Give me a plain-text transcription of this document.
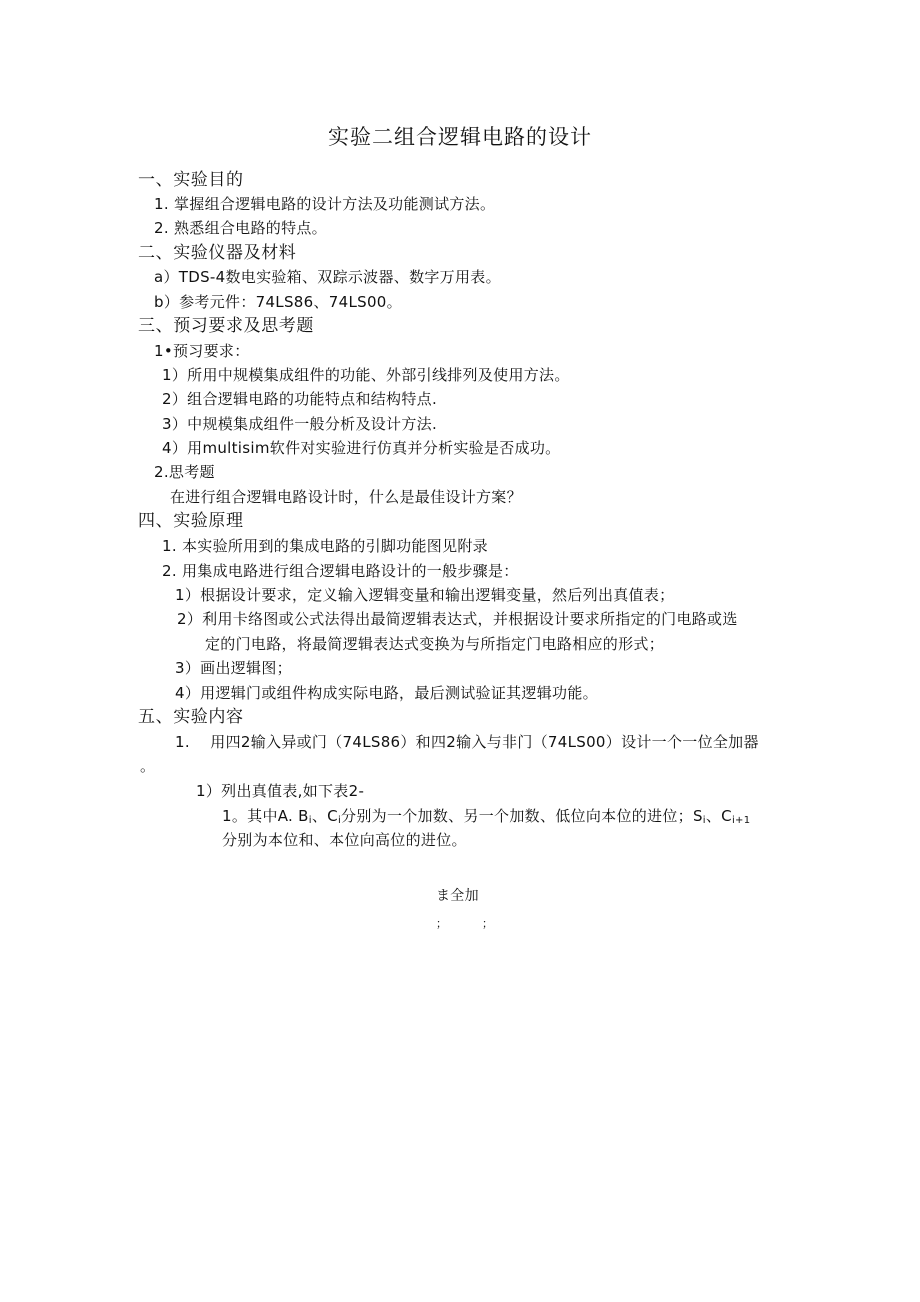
实验二组合逻辑电路的设计
一、实验目的
1. 掌握组合逻辑电路的设计方法及功能测试方法。
2. 熟悉组合电路的特点。
二、实验仪器及材料
a）TDS-4数电实验箱、双踪示波器、数字万用表。
b）参考元件：74LS86、74LS00。
三、预习要求及思考题
1•预习要求：
1）所用中规模集成组件的功能、外部引线排列及使用方法。
2）组合逻辑电路的功能特点和结构特点.
3）中规模集成组件一般分析及设计方法.
4）用multisim软件对实验进行仿真并分析实验是否成功。
2.思考题
在进行组合逻辑电路设计时，什么是最佳设计方案？
四、实验原理
1. 本实验所用到的集成电路的引脚功能图见附录
2. 用集成电路进行组合逻辑电路设计的一般步骤是：
1）根据设计要求，定义输入逻辑变量和输出逻辑变量，然后列出真值表；
2）利用卡络图或公式法得出最简逻辑表达式，并根据设计要求所指定的门电路或选
定的门电路，将最简逻辑表达式变换为与所指定门电路相应的形式；
3）画出逻辑图；
4）用逻辑门或组件构成实际电路，最后测试验证其逻辑功能。
五、实验内容
1.　 用四2输入异或门（74LS86）和四2输入与非门（74LS00）设计一个一位全加器
。
1）列出真值表,如下表2-
1。其中A. $B_i$、$C_i$分别为一个加数、另一个加数、低位向本位的进位；$S_i$、$C_{i+1}$
分别为本位和、本位向高位的进位。
ま全加
；	；
